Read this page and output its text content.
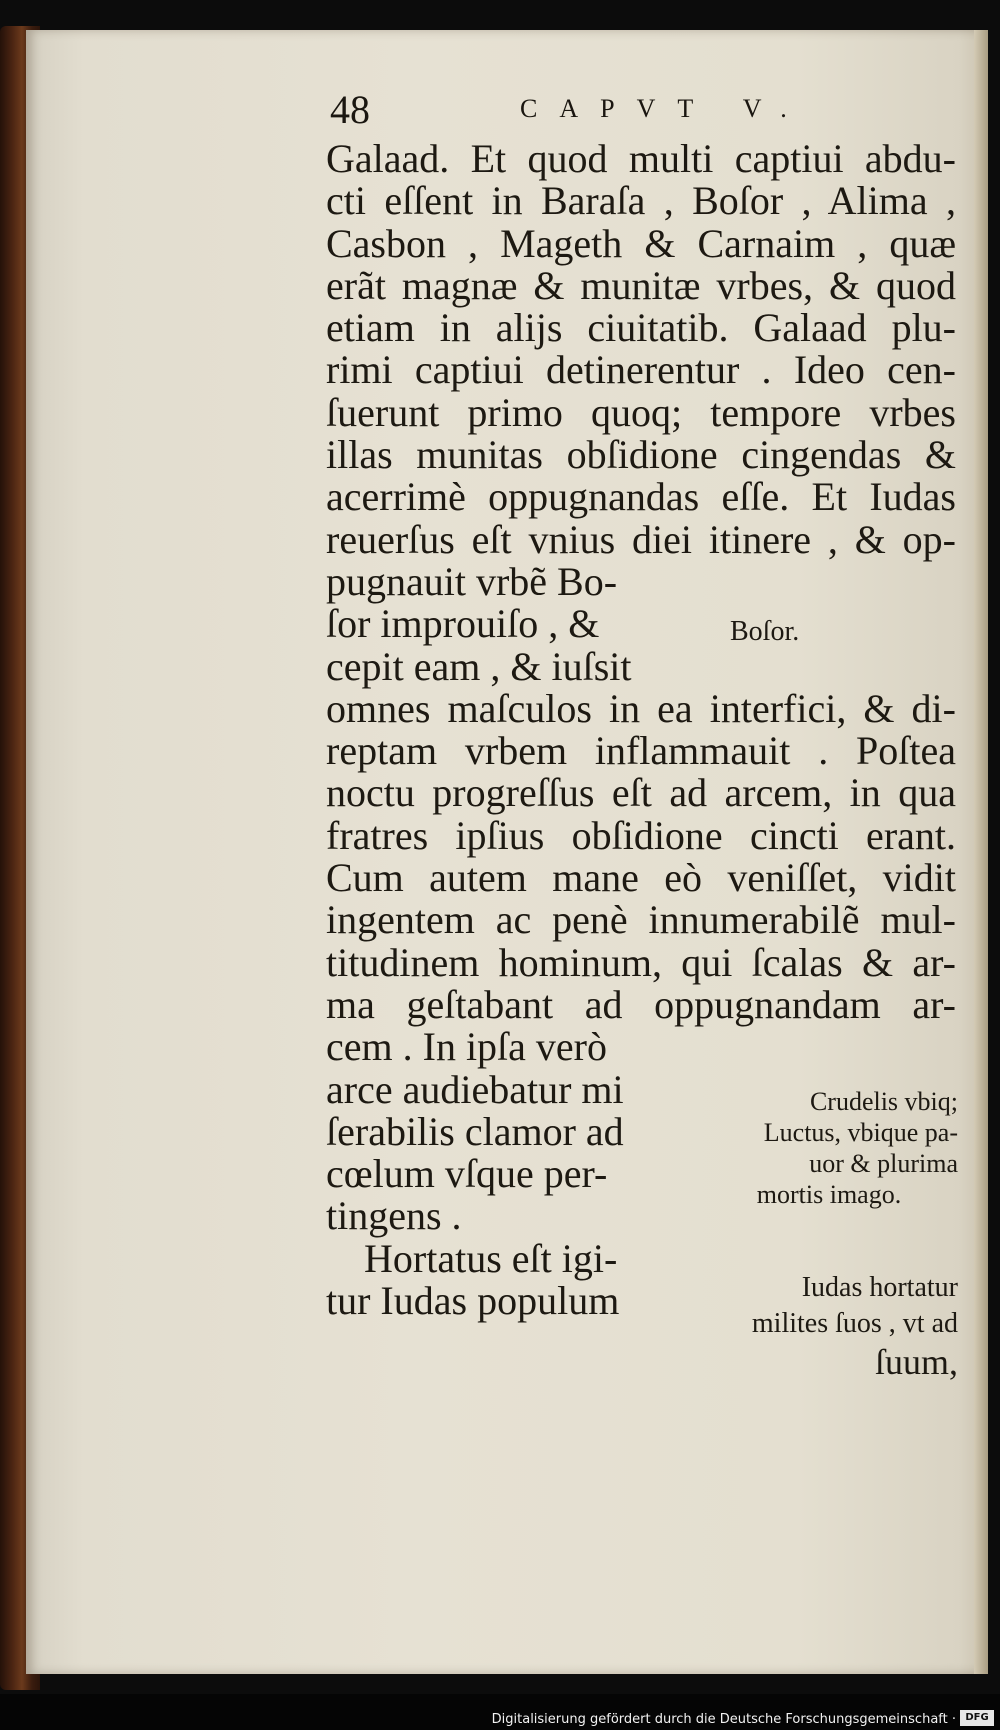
48	CAPVT V.
Galaad. Et quod multi captiui abdu-
cti eſſent in Baraſa , Boſor , Alima ,
Casbon , Mageth & Carnaim , quæ
erãt magnæ & munitæ vrbes, & quod
etiam in alijs ciuitatib. Galaad plu-
rimi captiui detinerentur . Ideo cen-
ſuerunt primo quoq; tempore vrbes
illas munitas obſidione cingendas &
acerrimè oppugnandas eſſe. Et Iudas
reuerſus eſt vnius diei itinere , & op-
pugnauit vrbẽ Bo-
ſor improuiſo , &
cepit eam , & iuſsit
omnes maſculos in ea interfici, & di-
reptam vrbem inflammauit . Poſtea
noctu progreſſus eſt ad arcem, in qua
fratres ipſius obſidione cincti erant.
Cum autem mane eò veniſſet, vidit
ingentem ac penè innumerabilẽ mul-
titudinem hominum, qui ſcalas & ar-
ma geſtabant ad oppugnandam ar-
cem . In ipſa verò
arce audiebatur mi
ſerabilis clamor ad
cœlum vſque per-
tingens .
Hortatus eſt igi-
tur Iudas populum
Boſor.
Crudelis vbiq;
Luctus, vbique pa-
uor & plurima
mortis imago.
Iudas hortatur
milites ſuos , vt ad
ſuum,
Digitalisierung gefördert durch die Deutsche Forschungsgemeinschaft · DFG
